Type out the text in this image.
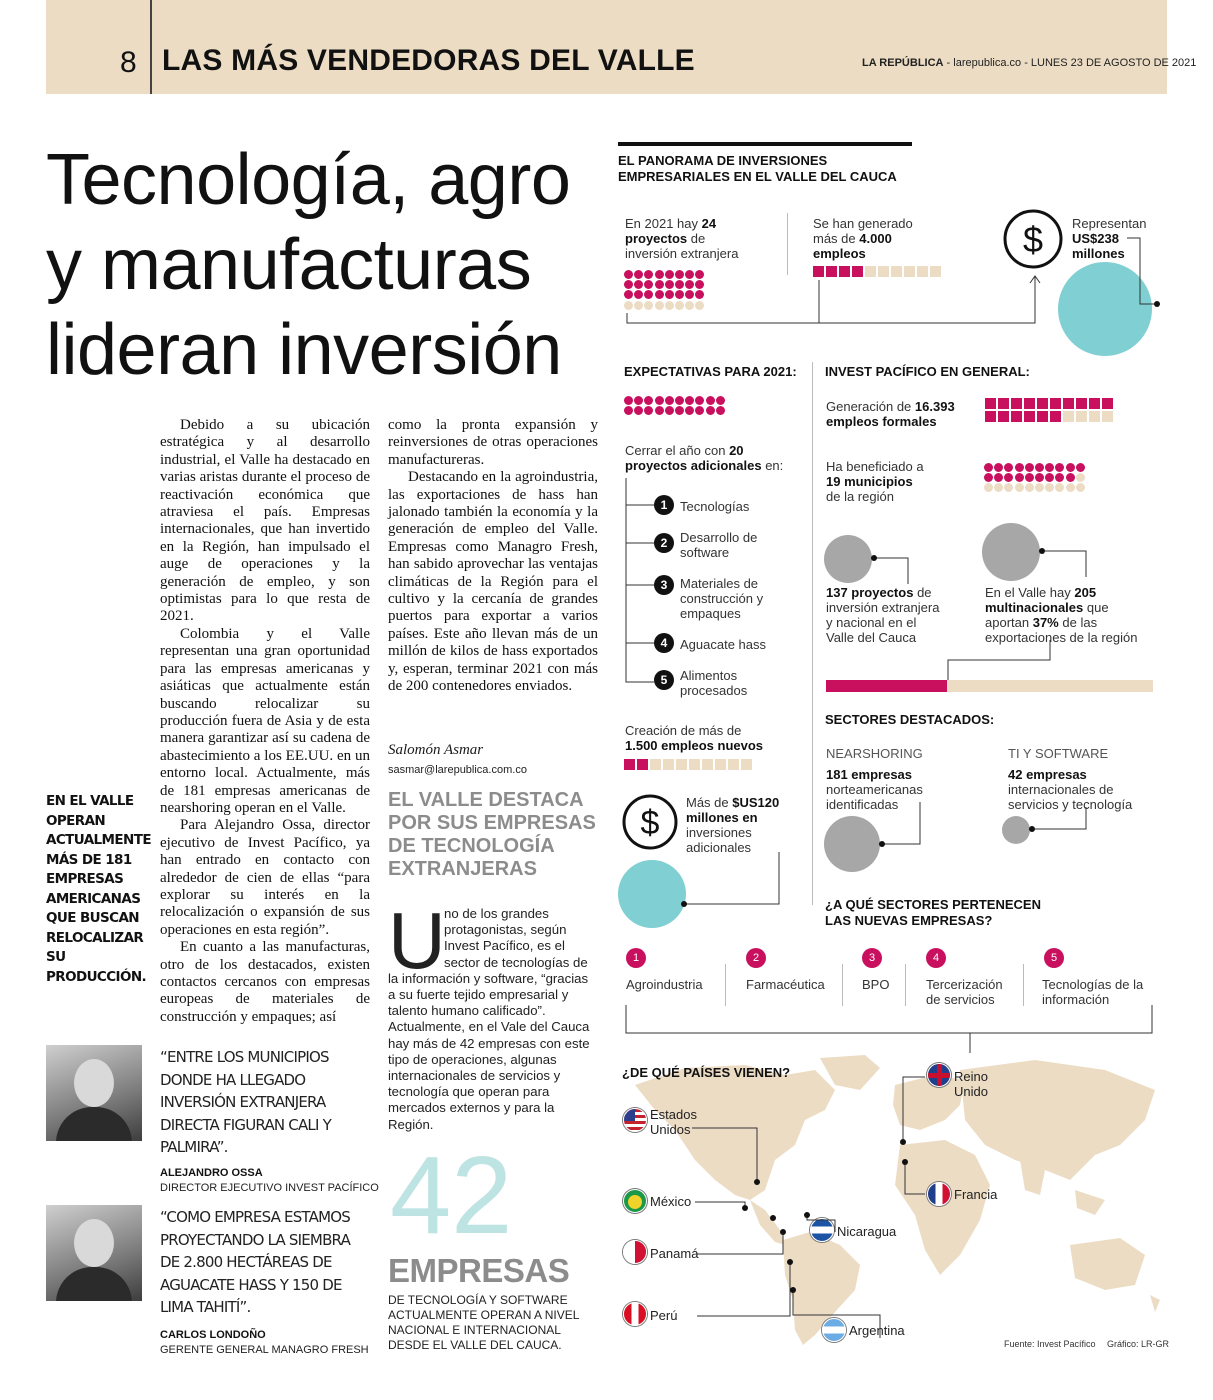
8 LAS MÁS VENDEDORAS DEL VALLE	LA REPÚBLICA - larepublica.co - LUNES 23 DE AGOSTO DE 2021
Tecnología, agro y manufacturas lideran inversión

Debido a su ubicación estratégica y al desarrollo industrial, el Valle ha destacado en varias aristas durante el proceso de reactivación económica que atraviesa el país. Empresas internacionales, que han invertido en la Región, han impulsado el auge de operaciones y la generación de empleo, y son optimistas para lo que resta de 2021.

Colombia y el Valle representan una gran oportunidad para las empresas americanas y asiáticas que actualmente están buscando relocalizar su producción fuera de Asia y de esta manera garantizar así su cadena de abastecimiento a los EE.UU. en un entorno local. Actualmente, más de 181 empresas americanas de nearshoring operan en el Valle.

Para Alejandro Ossa, director ejecutivo de Invest Pacífico, ya han entrado en contacto con alrededor de cien de ellas “para explorar su interés en la relocalización o expansión de sus operaciones en esta región”.

En cuanto a las manufacturas, otro de los destacados, existen contactos cercanos con empresas europeas de materiales de construcción y empaques; así

como la pronta expansión y reinversiones de otras operaciones manufactureras.

Destacando en la agroindustria, las exportaciones de hass han jalonado también la economía y la generación de empleo del Valle. Empresas como Managro Fresh, han sabido aprovechar las ventajas climáticas de la Región para el cultivo y la cercanía de grandes puertos para exportar a varios países. Este año llevan más de un millón de kilos de hass exportados y, esperan, terminar 2021 con más de 200 contenedores enviados.

Salomón Asmar
sasmar@larepublica.com.co
EN EL VALLE OPERAN ACTUALMENTE MÁS DE 181 EMPRESAS AMERICANAS QUE BUSCAN RELOCALIZAR SU PRODUCCIÓN.
“ENTRE LOS MUNICIPIOS DONDE HA LLEGADO INVERSIÓN EXTRANJERA DIRECTA FIGURAN CALI Y PALMIRA”.
ALEJANDRO OSSA
DIRECTOR EJECUTIVO INVEST PACÍFICO
“COMO EMPRESA ESTAMOS PROYECTANDO LA SIEMBRA DE 2.800 HECTÁREAS DE AGUACATE HASS Y 150 DE LIMA TAHITÍ”.
CARLOS LONDOÑO
GERENTE GENERAL MANAGRO FRESH
EL VALLE DESTACA POR SUS EMPRESAS DE TECNOLOGÍA EXTRANJERAS
U
no de los grandes protagonistas, según Invest Pacífico, es el sector de tecnologías de la información y software, “gracias a su fuerte tejido empresarial y talento humano calificado”. Actualmente, en el Vale del Cauca hay más de 42 empresas con este tipo de operaciones, algunas internacionales de servicios y tecnología que operan para mercados externos y para la Región.
42
EMPRESAS
DE TECNOLOGÍA Y SOFTWARE ACTUALMENTE OPERAN A NIVEL NACIONAL E INTERNACIONAL DESDE EL VALLE DEL CAUCA.
EL PANORAMA DE INVERSIONES
EMPRESARIALES EN EL VALLE DEL CAUCA
En 2021 hay 24
proyectos de
inversión extranjera
Se han generado
más de 4.000
empleos	$ Representan
US$238
millones
EXPECTATIVAS PARA 2021:
Cerrar el año con 20
proyectos adicionales en:
1 Tecnologías
2 Desarrollo de software
3 Materiales de construcción y empaques
4 Aguacate hass
5 Alimentos procesados
Creación de más de
1.500 empleos nuevos
$
Más de $US120
millones en
inversiones
adicionales
INVEST PACÍFICO EN GENERAL:
Generación de 16.393
empleos formales
Ha beneficiado a
19 municipios
de la región
137 proyectos de
inversión extranjera
y nacional en el
Valle del Cauca
En el Valle hay 205
multinacionales que
aportan 37% de las
exportaciones de la región
SECTORES DESTACADOS:
NEARSHORING
181 empresas
norteamericanas
identificadas
TI Y SOFTWARE
42 empresas
internacionales de
servicios y tecnología
¿A QUÉ SECTORES PERTENECEN
LAS NUEVAS EMPRESAS?
1
Agroindustria
2
Farmacéutica
3
BPO
4
Tercerización de servicios
5
Tecnologías de la información
¿DE QUÉ PAÍSES VIENEN?
Estados Unidos
México
Panamá
Perú
Nicaragua
Argentina
Reino Unido
Francia
Fuente: Invest Pacífico Gráfico: LR-GR
